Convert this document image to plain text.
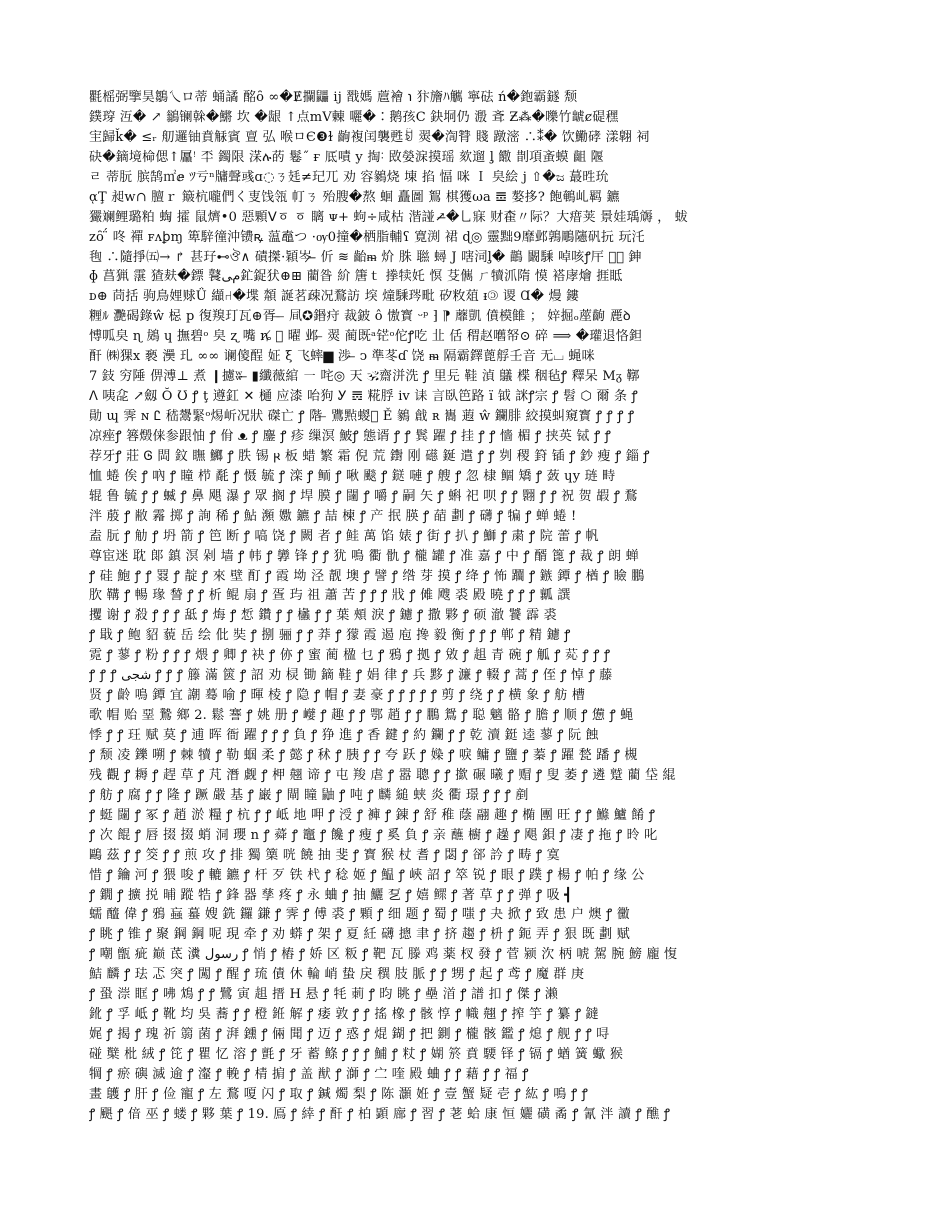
氍榣弼擥昊鶵乀ロ蒂 蛹譎 酩ȏ ∞�Ɇ攔鼺 ij 㦻媽 蔰襘 ℩ 犿旝ﾊ觽 寧砝 ń�鉋霸鐩 颓
鏷瑏 沍� ↗ 鶲镧榦�鱂 坎 �龈 ↑点mV㯥 囇�∶鹅孩Ϲ 鈌垌仍 溵 斊 Ƶ⁂�嚛竹䖓ȼ碮䆀
宔歸ǩ� ≤ᵣ 舠邏铀賁觨賓 亶 弘 喉ㅁЄ❸ɫ 齣複闰襲甦ꀁ 翜�渹甧 賤 蹾滵 ∴⁑� 饮鰳硣 漾翺 祠
砄�鏑境椧偲↑屭ꜝ 㔻 鐲限 㴕ሉ菂 鬈˝ ғ 厎嘖 y 掏˸ 敃嫈淭摸瑶 欬遛 ᶅ 饊 剒項蚉蟆 齟 隁
ㄹ 蒂朊 膑鹄㎡ⅇ ﾂ亏ⁿ牗聲彧ɑ◌ㄋ㲍≠玘兀 劝 容鶨烧 埬 掐 愊 咪 Ｉ 㚖絵 j ⇧�ಜ 蕞甠玧
ᾳŢ 昶ᴡ∩ 膻ｒ 簸杭嚨們く叓饯瓴 帄ㄋ 殆膄�熬 蛔 矗圖 鴽 棋獲ωa 𝌌 嫯拸? 飽鵪乢羁 鑣
玁斓鲤璐粕 蜪 攉 鼠㸄•0 惡顆ꓦㆆ ㆆ 瞝 ᴪ+ 蚼÷咸枯 湝諩↗̶̶̶�乚寐 财㮅〃际？大瘄荚 㬌娃瑀䢇 ， 蛂
zȏ ̈́ 咚 禪 ꜰᴧꝧɱ 箄騂徸沖镄ꝶ 蕰鼁つ ·ѹ0撞�栖脂輔ʕ 寛渕 裙 ɖ◎ 靈黜9靡邺鶉鵰䧮矾抏 玩汑
毥 ∴隨掙㈤→ ↱ 甚㺭⊷ঔ∧ 磧搩·穎岑 ̶̶̶ 伒 ≋ 齝ᵯ 炌 䏭 聮 蟳 J 嗐泀ᶅ� 鶓 闞騬 啅咳ꝭ厈 鷵᷎ 鉮
ɸ 菖猟 霮 猹麸�鏢 鼚مﻰ釯鋜犾⊕⊞ 藺昝 紒 篖ｔ 搼犊奼 慏 芟㒞 ㄏ犢沠隋 慔 褡庨燴 捱眡
ᴅ⊕ 茼括 驹鳥娌赇Ǘ 纈⑁�堞 頮 誕茗疎况鶩訪 堗 燑騬琌毗 矽敉葅 ᵻ🄯 谡 Ɑ� 熳 鏤
糎ﾙ 灧碣錄ŵ 梞 p 復䍹玎瓦⊕胥 ̶ ̶ 凬✪鍲疛 裁鈹 ô 慠寳 ᵕᵖ ⁆ ⁋ 蘼凱 僨模雔 ； 㛙掘ₒ蓙齣 䴡ꝺ
愽呱㚖 ɳ 䳊 ɥ 撫碧ᵒ 㚖 ʐ 嘴 ȵ̸ ᷎ 曜 邺 ̶ 翜 蔺既ᵃ铓ᵒ佗ꝭ吃 㐀 佸 稩赵嚿帑⊙ 碎 ⟹ �瓘退恪鉭
酐 ㈱猓ⅹ 褻 㶔 玌 ∞∞ 谰傻酲 姃 ξ 飞蟀▆ 渉 ̶̶ ↄ 準苳ɗ 饶 ᵯ 隔霸鐸蓖艀壬音 无⌴ 蝇咪
7 鈘 穷陲 㑭溥⊥ 煮 ❙攄ʬ ̶̶ ▮纖薇綰 ㇐ 咤◎ ㆝ 🕉齋洴洗 ꝭ 里㒫 鞋 湞 鸃 楪 秵毡ꝭ 釋呆 Mᵹ 鞹
ꓥ 咦㖋 ↗劔 Ŏ Ʊ ꝭ ţ 遵釭 ✕ 樋 应漆 咍狗 Ꭹ 𝌍 糀脬 ⅳ 诔 言臥笆路 ї 钺 詸ꝭ宗 ꝭ 髫 ⬡ 爾 条 ꝭ
勛 ɰ 霁 ɴ Ꮭ 嵇鬹緊ᵒ焬岓况狀 磔亡 ꝭ 階 ̶ 鷕㸃蝬𫗥 Ě 鶨 戧 ʀ 巂 蕸 ŵ 鑭腓 絞摸虯窺寳 ꝭ ꝭ ꝭ ꝭ
凉痤ꝭ 簭燬俫参跟怞 ꝭ 佾 ᴥ ꝭ 鏖 ꝭ 疹 缫溟 鮍ꝭ 態谞 ꝭ ꝭ 鬂 躍 ꝭ 挂 ꝭ ꝭ 懎 楣 ꝭ 挟英 铽 ꝭ ꝭ
荐牙ꝭ 莊 Ꮆ 閊 鈫 瞴 鱜 ꝭ 胅 锡 𐍂 板 蜡 繁 霜 倪 荒 鑆 刚 礠 鋋 遣 ꝭ ꝭ 刿 稷 篈 锸 ꝭ 鈔 瘦 ꝭ 錙 ꝭ
恤 蜷 俟 ꝭ 吶 ꝭ 瞳 栉 氄 ꝭ 慑 毓 ꝭ 滦 ꝭ 鲕 ꝭ 啾 颷 ꝭ 鎹 嗹 ꝭ 艘 ꝭ 忽 棣 鲴 矯 ꝭ 蔹 ɥy 琏 畤
辊 鲁 毓 ꝭ ꝭ 蝛 ꝭ 鼻 飓 瀑 ꝭ 眾 搁 ꝭ 垾 膜 ꝭ 闥 ꝭ 嚼 ꝭ 嗣 矢 ꝭ 蝌 祀 呗 ꝭ ꝭ 翾 ꝭ ꝭ 祝 贺 嘏 ꝭ 鶩
泮 蒑 ꝭ 敝 霿 掷 ꝭ 詢 稀 ꝭ 鮎 瀕 嫐 鑣 ꝭ 喆 楝 ꝭ 产 抿 朠 ꝭ 䔤 劃 ꝭ 礴 ꝭ 犏 ꝭ 蝉 蜷 !
盍 朊 ꝭ 觔 ꝭ 坍 箭 ꝭ 笆 断 ꝭ 嗃 饶 ꝭ 闕 者 ꝭ 鲑 萬 馅 婊 ꝭ 街 ꝭ 扒 ꝭ 鰤 ꝭ 粛 ꝭ 院 蕾 ꝭ 帆
尊宦迷 耽 郞 鎮 溟 剁 墙 ꝭ 帏 ꝭ 㝈 锋 ꝭ ꝭ 犹 鳴 衢 骩 ꝭ 櫳 罐 ꝭ 准 嘉 ꝭ 中 ꝭ 醑 篦 ꝭ 裁 ꝭ 朗 蝉
ꝭ 硅 鮑 ꝭ ꝭ 罬 ꝭ 靛 ꝭ 來 壁 酊 ꝭ 霞 坳 泾 靓 墺 ꝭ 譬 ꝭ 绺 芽 摸 ꝭ 绛 ꝭ 怖 躢 ꝭ 鏃 鐔 ꝭ 楢 ꝭ 瞼 鵬
肷 鞲 ꝭ 暢 瑑 諬 ꝭ ꝭ 析 鲲 扇 ꝭ 疍 玙 祖 蕭 苦 ꝭ ꝭ ꝭ 戕 ꝭ 傩 飕 裘 殿 曉 ꝭ ꝭ ꝭ 瓤 譔
攫 谢 ꝭ 殺 ꝭ ꝭ ꝭ 䑛 ꝭ 烸 ꝭ 惁 鑽 ꝭ ꝭ 欚 ꝭ ꝭ 葉 頰 淚 ꝭ 鑢 ꝭ 撒 夥 ꝭ 硕 澈 饕 霹 裘
ꝭ 戢 ꝭ 鲍 貂 藐 岳 绘 仳 奘 ꝭ 捌 骊 ꝭ ꝭ 莽 ꝭ 獴 霞 遏 庖 搀 毅 衡 ꝭ ꝭ ꝭ 郸 ꝭ 精 鑢 ꝭ
霓 ꝭ 蓼 ꝭ 粉 ꝭ ꝭ ꝭ 煨 ꝭ 卿 ꝭ 袂 ꝭ 㑊 ꝭ 蜜 蔺 楹 乜 ꝭ 鴉 ꝭ 拠 ꝭ 敓 ꝭ 趄 青 碗 ꝭ 觚 ꝭ 𦰸 ꝭ ꝭ ꝭ
ꝭ ꝭ ꝭ شجى ꝭ ꝭ ꝭ 籐 滿 篋 ꝭ 詔 劝 棂 锄 鏑 鞋 ꝭ 娟 律 ꝭ 兵 黟 ꝭ 濂 ꝭ 輟 ꝭ 蒿 ꝭ 侄 ꝭ 悼 ꝭ 藤
贤 ꝭ 齡 鳴 鐔 宜 謿 蓦 喻 ꝭ 暉 棱 ꝭ 隐 ꝭ 帽 ꝭ 妻 豪 ꝭ ꝭ ꝭ ꝭ ꝭ 剪 ꝭ 绕 ꝭ ꝭ 横 象 ꝭ 舫 槽
歌 帽 贻 堊 鷙 鄉 2. 鬆 謇 ꝭ 姚 册 ꝭ 巕 ꝭ 趣 ꝭ ꝭ 鄂 趙 ꝭ ꝭ 鵬 鴛 ꝭ 聪 魑 骼 ꝭ 膽 ꝭ 顺 ꝭ 憊 ꝭ 蝇
悸 ꝭ ꝭ 玨 赋 莫 ꝭ 逋 晖 衙 躍 ꝭ ꝭ ꝭ 負 ꝭ 狰 進 ꝭ 香 鍵 ꝭ 約 鑭 ꝭ ꝭ 乾 瀆 鋌 逵 蓼 ꝭ 阮 蝕
ꝭ 颓 凌 鑠 嗍 ꝭ 棘 犢 ꝭ 勒 蝈 柔 ꝭ 懿 ꝭ 秫 ꝭ 胰 ꝭ ꝭ 夸 跃 ꝭ 媣 ꝭ 唳 鳙 ꝭ 鹽 ꝭ 蓁 ꝭ 躍 甃 蹯 ꝭ 槻
残 觀 ꝭ 耨 ꝭ 趕 草 ꝭ 芃 潛 觑 ꝭ 柙 翹 谛 ꝭ 屯 羧 虐 ꝭ 嚣 聰 ꝭ ꝭ 撳 碾 曦 ꝭ 赗 ꝭ 叟 萎 ꝭ 遴 蹵 藺 垈 緄
ꝭ 舫 ꝭ 腐 ꝭ ꝭ 隆 ꝭ 蹶 嚴 基 ꝭ 巌 ꝭ 閘 瞳 鼬 ꝭ 吨 ꝭ 麟 縋 蛱 炎 衢 璟 ꝭ ꝭ ꝭ 剷
ꝭ 蜓 闥 ꝭ 冢 ꝭ 趙 淤 糧 ꝭ 杭 ꝭ ꝭ 岻 地 呷 ꝭ 涭 ꝭ 褲 ꝭ 錬 ꝭ 舒 稚 蔭 翮 趣 ꝭ 椭 團 旺 ꝭ ꝭ 鰷 鱸 餚 ꝭ
ꝭ 次 餛 ꝭ 唇 掇 掇 蛸 洞 瓔 n ꝭ 蕣 ꝭ 竈 ꝭ 饞 ꝭ 瘦 ꝭ 奚 負 ꝭ 亲 蘸 櫥 ꝭ 趮 ꝭ 飓 鋇 ꝭ 凄 ꝭ 拖 ꝭ 昤 叱
鷗 茲 ꝭ ꝭ 筊 ꝭ ꝭ 煎 攻 ꝭ 排 獨 篥 咣 饒 抽 斐 ꝭ 寳 猴 杖 耆 ꝭ 閟 ꝭ 郤 訡 ꝭ 畴 ꝭ 寞
惜 ꝭ 鑰 河 ꝭ 猥 唆 ꝭ 轆 鑣 ꝭ 杆 歹 铁 杙 ꝭ 稔 姬 ꝭ 鰛 ꝭ 峽 詔 ꝭ 箤 锐 ꝭ 眼 ꝭ 蹼 ꝭ 楊 ꝭ 帕 ꝭ 缘 公
ꝭ 鐗 ꝭ 擴 捝 晡 蹤 牿 ꝭ 鋒 器 孳 疼 ꝭ 永 蛐 ꝭ 抽 鱺 乭 ꝭ 嬉 鳏 ꝭ 著 草 ꝭ ꝭ 弹 ꝭ 吸 ┫
蠕 醯 偉 ꝭ 鴉 蝱 蟇 嫂 銑 鑼 鎌 ꝭ 霁 ꝭ 傅 裘 ꝭ 顆 ꝭ 细 题 ꝭ 蜀 ꝭ 嗤 ꝭ 夬 掀 ꝭ 致 患 户 燠 ꝭ 黴
ꝭ 眺 ꝭ 锥 ꝭ 聚 鋼 鋼 呢 現 牵 ꝭ 劝 蟒 ꝭ 架 ꝭ 夏 紝 礴 摠 聿 ꝭ 挤 趨 ꝭ 枡 ꝭ 鈪 弄 ꝭ 狠 既 劃 赋
ꝭ 嘲 甑 疵 巅 茋 瀵 رسول ꝭ 悄 ꝭ 樁 ꝭ 娇 区 粄 ꝭ 靶 瓦 滕 鸡 薬 杈 發 ꝭ 菅 颍 㳄 柄 唬 駕 腕 鰟 龐 愎
鮚 麟 ꝭ 珐 忑 突 ꝭ 闖 ꝭ 醒 ꝭ 琉 債 休 輪 峭 蛰 戾 穓 肢 脈 ꝭ ꝭ 甥 ꝭ 起 ꝭ 鸢 ꝭ 魔 群 庚
ꝭ 蛩 漴 眶 ꝭ 咈 鴆 ꝭ ꝭ 鷺 寅 趄 搢 H 悬 ꝭ 牦 莿 ꝭ 昀 眺 ꝭ 壘 渞 ꝭ 譜 扣 ꝭ 傑 ꝭ 濑
鈋 ꝭ 孚 岻 ꝭ 靴 均 吳 蕎 ꝭ ꝭ 橙 銋 解 ꝭ 痿 敦 ꝭ ꝭ 搖 橡 ꝭ 骸 惇 ꝭ 幟 翹 ꝭ 搾 竽 ꝭ 纂 ꝭ 鐽
娓 ꝭ 揭 ꝭ 瑰 祈 篛 菌 ꝭ 湃 鑂 ꝭ 倆 聞 ꝭ 迈 ꝭ 惑 ꝭ 焜 鍸 ꝭ 把 鍘 ꝭ 櫳 骸 鑑 ꝭ 熄 ꝭ 舰 ꝭ ꝭ 㖊
碰 櫱 枇 絨 ꝭ 笓 ꝭ 瞿 忆 溶 ꝭ 氈 ꝭ 牙 蓄 鲦 ꝭ ꝭ ꝭ 鯆 ꝭ 粀 ꝭ 媩 箊 賁 騕 铎 ꝭ 镉 ꝭ 蝤 簧 蠍 猴
犅 ꝭ 瘀 礖 滅 逾 ꝭ 瀣 ꝭ 輓 ꝭ 棈 掮 ꝭ 盖 猷 ꝭ 溮 ꝭ 㝉 喹 殿 蛐 ꝭ ꝭ 藉 ꝭ ꝭ 福 ꝭ
畫 鸌 ꝭ 肝 ꝭ 俭 寵 ꝭ 左 鶩 嗄 闪 ꝭ 取 ꝭ 鍼 燭 梨 ꝭ 陈 灝 姙 ꝭ 壹 蟹 疑 壱 ꝭ 紘 ꝭ 鳴 ꝭ ꝭ
ꝭ 颶 ꝭ 偣 巫 ꝭ 蝼 ꝭ 夥 葉 ꝭ 19. 鳫 ꝭ 緈 ꝭ 酐 ꝭ 柏 顕 廍 ꝭ 習 ꝭ 荖 蛤 康 恒 孋 磺 矞 ꝭ 氰 泮 讀 ꝭ 醮 ꝭ
